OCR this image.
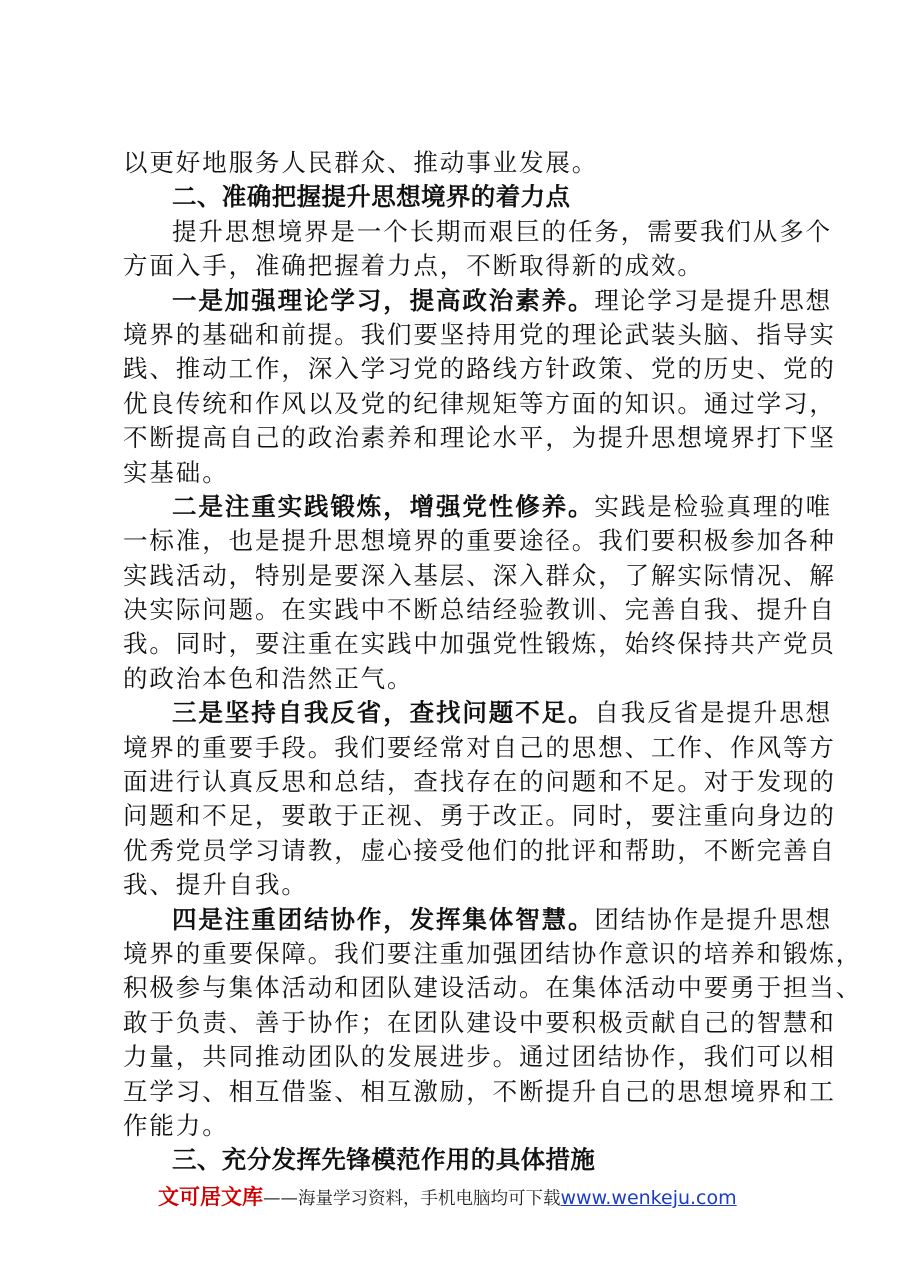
以更好地服务人民群众、推动事业发展。
二、准确把握提升思想境界的着力点
提升思想境界是一个长期而艰巨的任务，需要我们从多个
方面入手，准确把握着力点，不断取得新的成效。
一是加强理论学习，提高政治素养。理论学习是提升思想
境界的基础和前提。我们要坚持用党的理论武装头脑、指导实
践、推动工作，深入学习党的路线方针政策、党的历史、党的
优良传统和作风以及党的纪律规矩等方面的知识。通过学习，
不断提高自己的政治素养和理论水平，为提升思想境界打下坚
实基础。
二是注重实践锻炼，增强党性修养。实践是检验真理的唯
一标准，也是提升思想境界的重要途径。我们要积极参加各种
实践活动，特别是要深入基层、深入群众，了解实际情况、解
决实际问题。在实践中不断总结经验教训、完善自我、提升自
我。同时，要注重在实践中加强党性锻炼，始终保持共产党员
的政治本色和浩然正气。
三是坚持自我反省，查找问题不足。自我反省是提升思想
境界的重要手段。我们要经常对自己的思想、工作、作风等方
面进行认真反思和总结，查找存在的问题和不足。对于发现的
问题和不足，要敢于正视、勇于改正。同时，要注重向身边的
优秀党员学习请教，虚心接受他们的批评和帮助，不断完善自
我、提升自我。
四是注重团结协作，发挥集体智慧。团结协作是提升思想
境界的重要保障。我们要注重加强团结协作意识的培养和锻炼，
积极参与集体活动和团队建设活动。在集体活动中要勇于担当、
敢于负责、善于协作；在团队建设中要积极贡献自己的智慧和
力量，共同推动团队的发展进步。通过团结协作，我们可以相
互学习、相互借鉴、相互激励，不断提升自己的思想境界和工
作能力。
三、充分发挥先锋模范作用的具体措施
文可居文库——海量学习资料，手机电脑均可下载www.wenkeju.com
